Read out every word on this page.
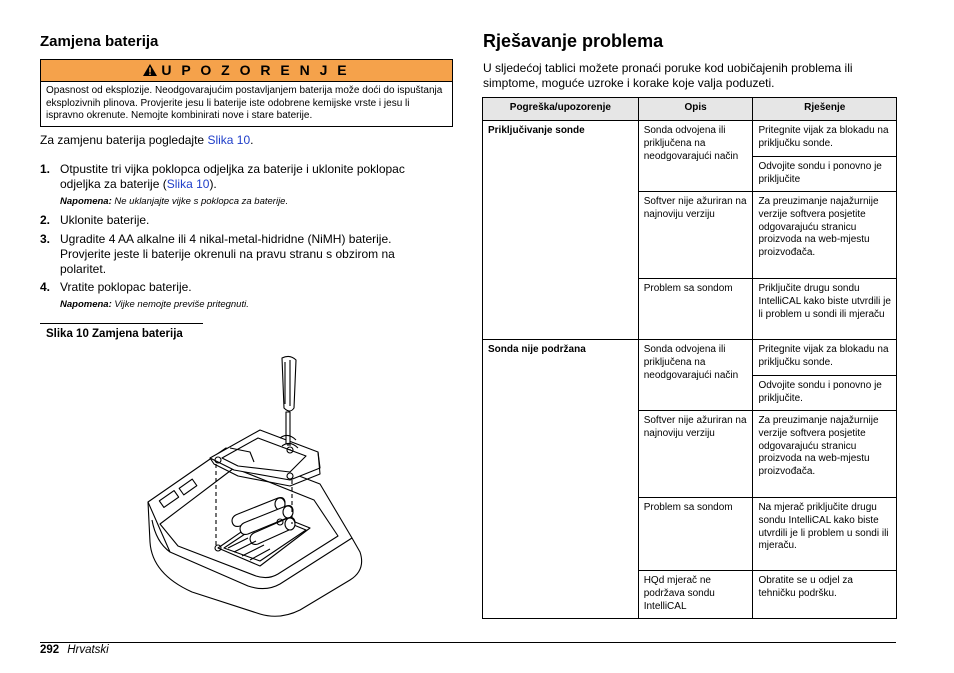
Zamjena baterija
U P O Z O R E N J E
Opasnost od eksplozije. Neodgovarajućim postavljanjem baterija može doći do ispuštanja eksplozivnih plinova. Provjerite jesu li baterije iste odobrene kemijske vrste i jesu li ispravno okrenute. Nemojte kombinirati nove i stare baterije.
Za zamjenu baterija pogledajte Slika 10.
1. Otpustite tri vijka poklopca odjeljka za baterije i uklonite poklopac odjeljka za baterije (Slika 10).
Napomena: Ne uklanjajte vijke s poklopca za baterije.
2. Uklonite baterije.
3. Ugradite 4 AA alkalne ili 4 nikal-metal-hidridne (NiMH) baterije. Provjerite jeste li baterije okrenuli na pravu stranu s obzirom na polaritet.
4. Vratite poklopac baterije.
Napomena: Vijke nemojte previše pritegnuti.
Slika 10 Zamjena baterija
Rješavanje problema
U sljedećoj tablici možete pronaći poruke kod uobičajenih problema ili simptome, moguće uzroke i korake koje valja poduzeti.
Pogreška/upozorenje	Opis	Rješenje
Priključivanje sonde	Sonda odvojena ili priključena na neodgovarajući način	Pritegnite vijak za blokadu na priključku sonde.
		Odvojite sondu i ponovno je priključite
	Softver nije ažuriran na najnoviju verziju	Za preuzimanje najažurnije verzije softvera posjetite odgovarajuću stranicu proizvoda na web-mjestu proizvođača.
	Problem sa sondom	Priključite drugu sondu IntelliCAL kako biste utvrdili je li problem u sondi ili mjeraču
Sonda nije podržana	Sonda odvojena ili priključena na neodgovarajući način	Pritegnite vijak za blokadu na priključku sonde.
		Odvojite sondu i ponovno je priključite.
	Softver nije ažuriran na najnoviju verziju	Za preuzimanje najažurnije verzije softvera posjetite odgovarajuću stranicu proizvoda na web-mjestu proizvođača.
	Problem sa sondom	Na mjerač priključite drugu sondu IntelliCAL kako biste utvrdili je li problem u sondi ili mjeraču.
	HQd mjerač ne podržava sondu IntelliCAL	Obratite se u odjel za tehničku podršku.
292 Hrvatski
